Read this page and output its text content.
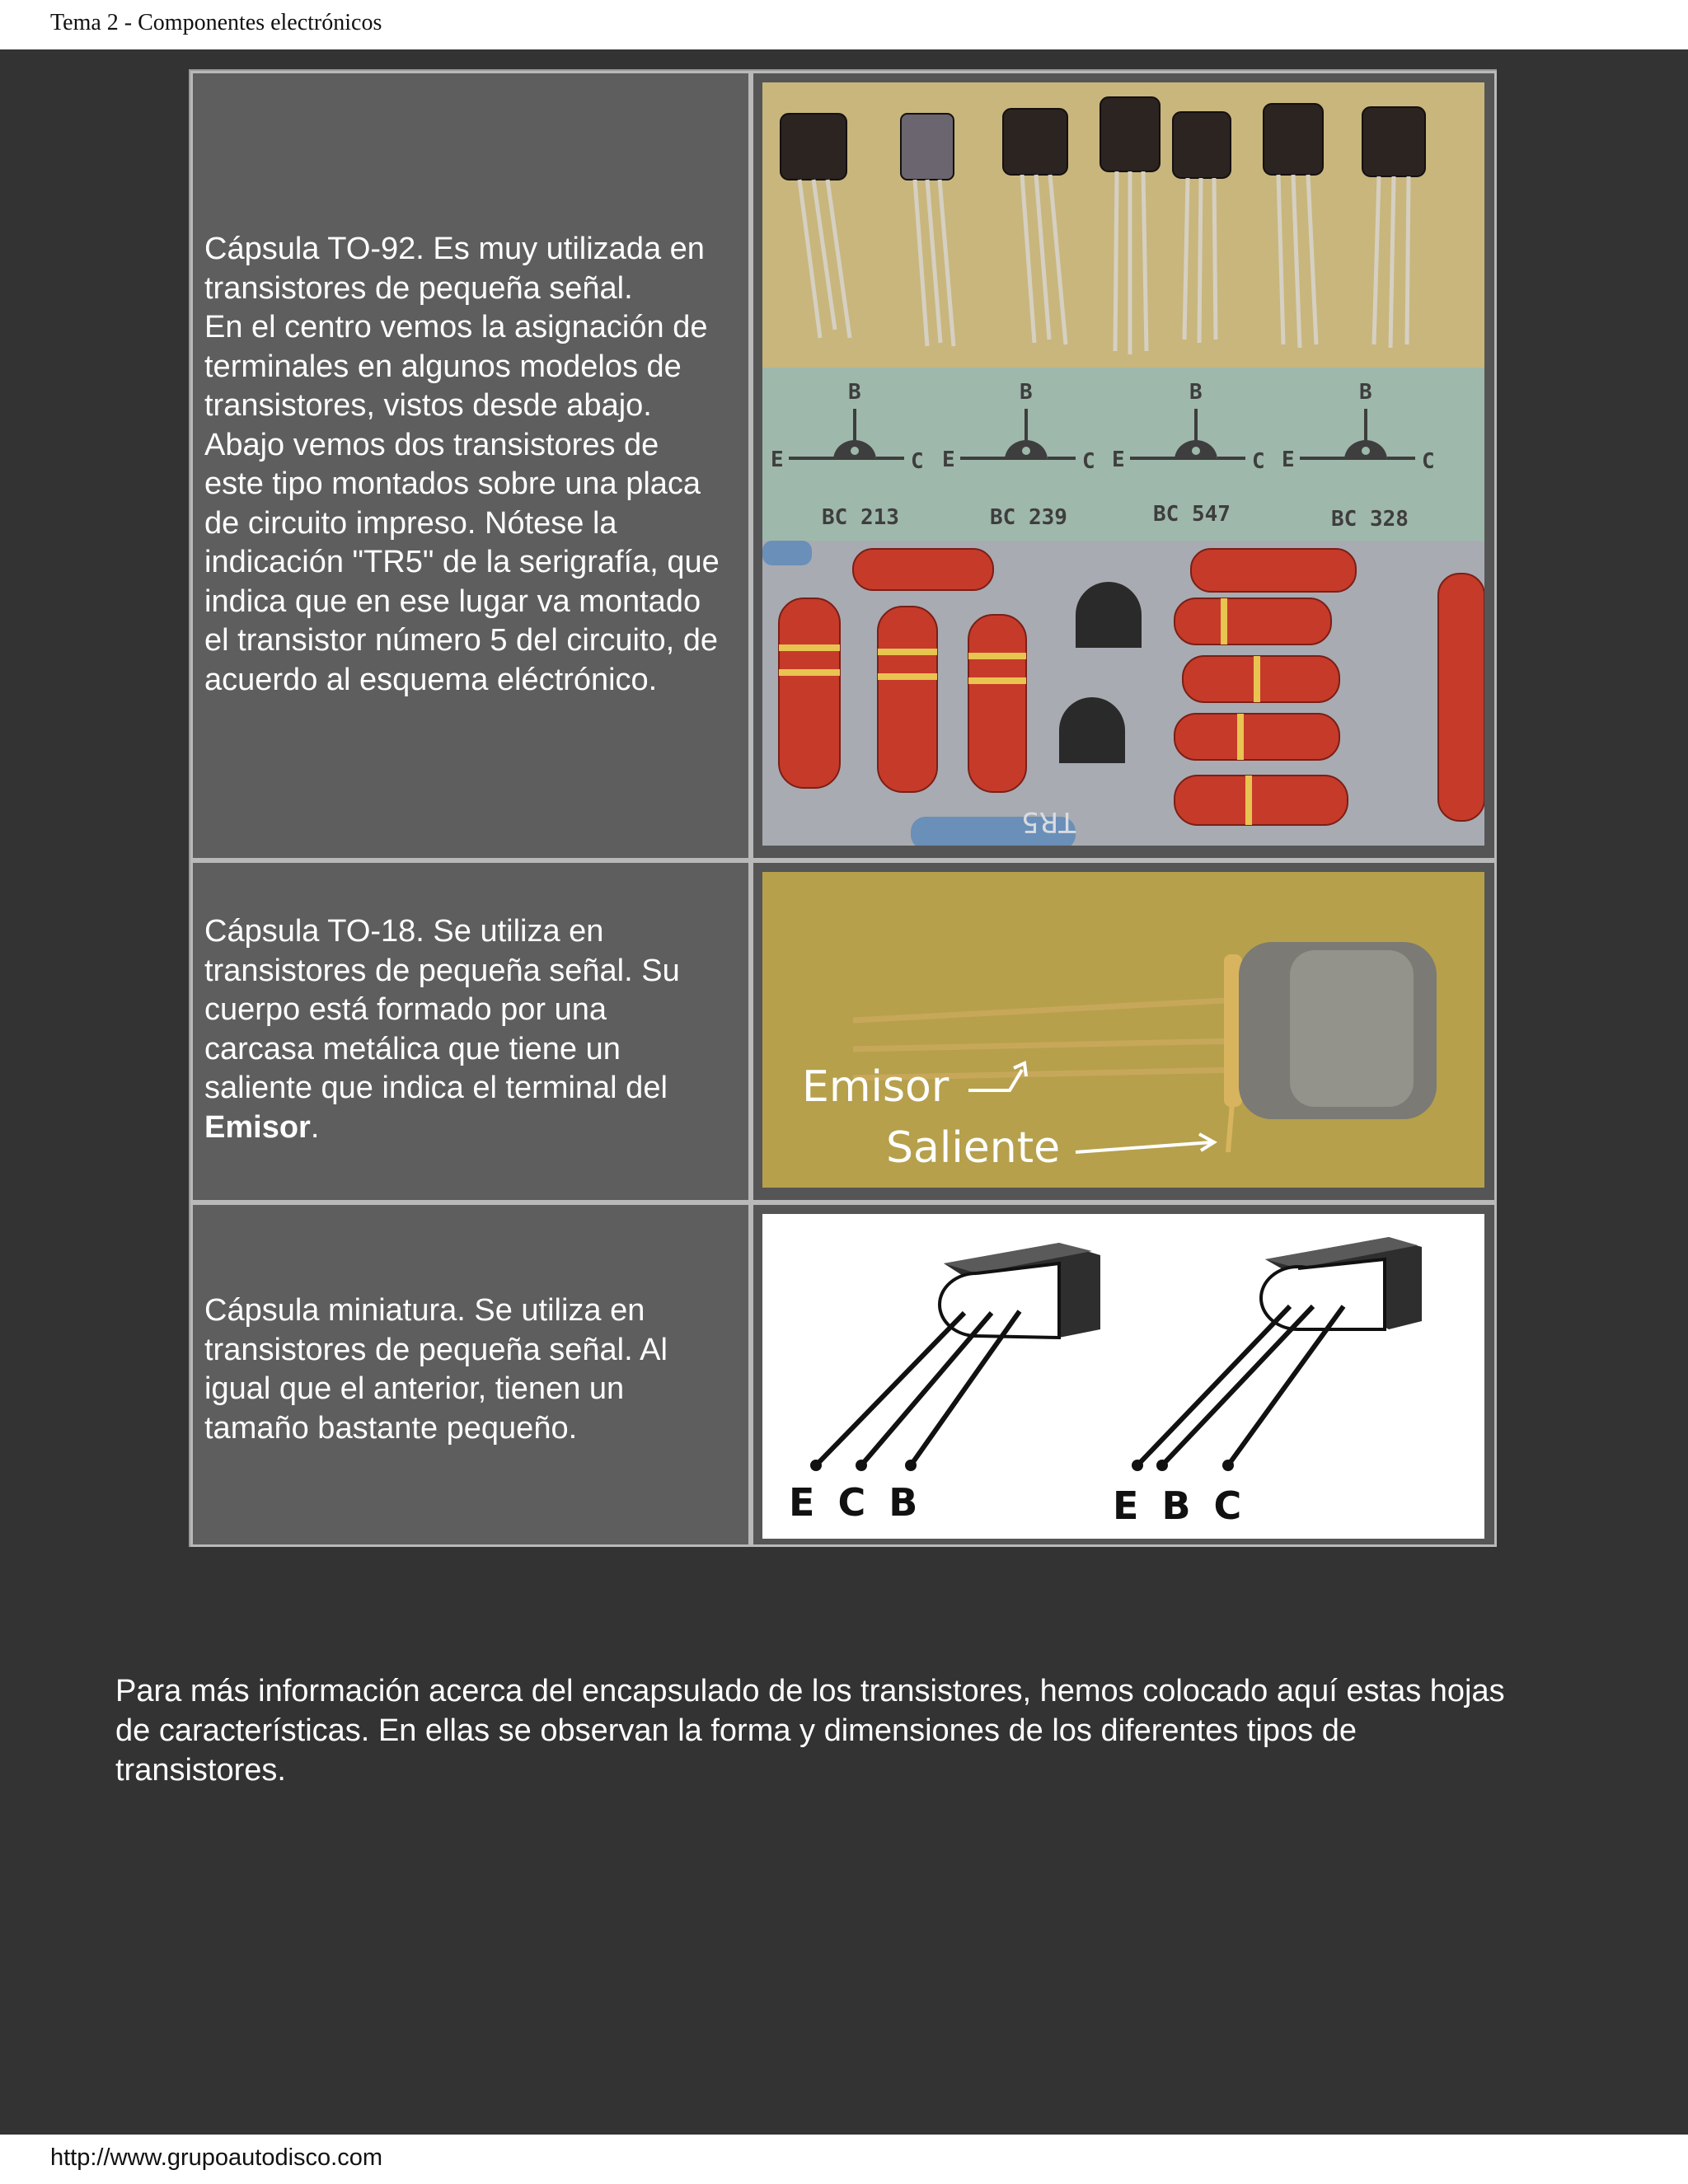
Tema 2 - Componentes electrónicos

Cápsula TO-92. Es muy utilizada en

transistores de pequeña señal.

En el centro vemos la asignación de

terminales en algunos modelos de

transistores, vistos desde abajo.

Abajo vemos dos transistores de

este tipo montados sobre una placa

de circuito impreso. Nótese la

indicación "TR5" de la serigrafía, que

indica que en ese lugar va montado

el transistor número 5 del circuito, de

acuerdo al esquema eléctrónico.

B
E	C
BC 213
B
E	C
BC 239
B
E	C
BC 547
B
E	C
BC 328
TR5

Cápsula TO-18. Se utiliza en

transistores de pequeña señal. Su

cuerpo está formado por una

carcasa metálica que tiene un

saliente que indica el terminal del

Emisor.

Emisor
Saliente

Cápsula miniatura. Se utiliza en

transistores de pequeña señal. Al

igual que el anterior, tienen un

tamaño bastante pequeño.

E C B	E B C
Para más información acerca del encapsulado de los transistores, hemos colocado aquí estas hojas
de características. En ellas se observan la forma y dimensiones de los diferentes tipos de
transistores.
http://www.grupoautodisco.com
